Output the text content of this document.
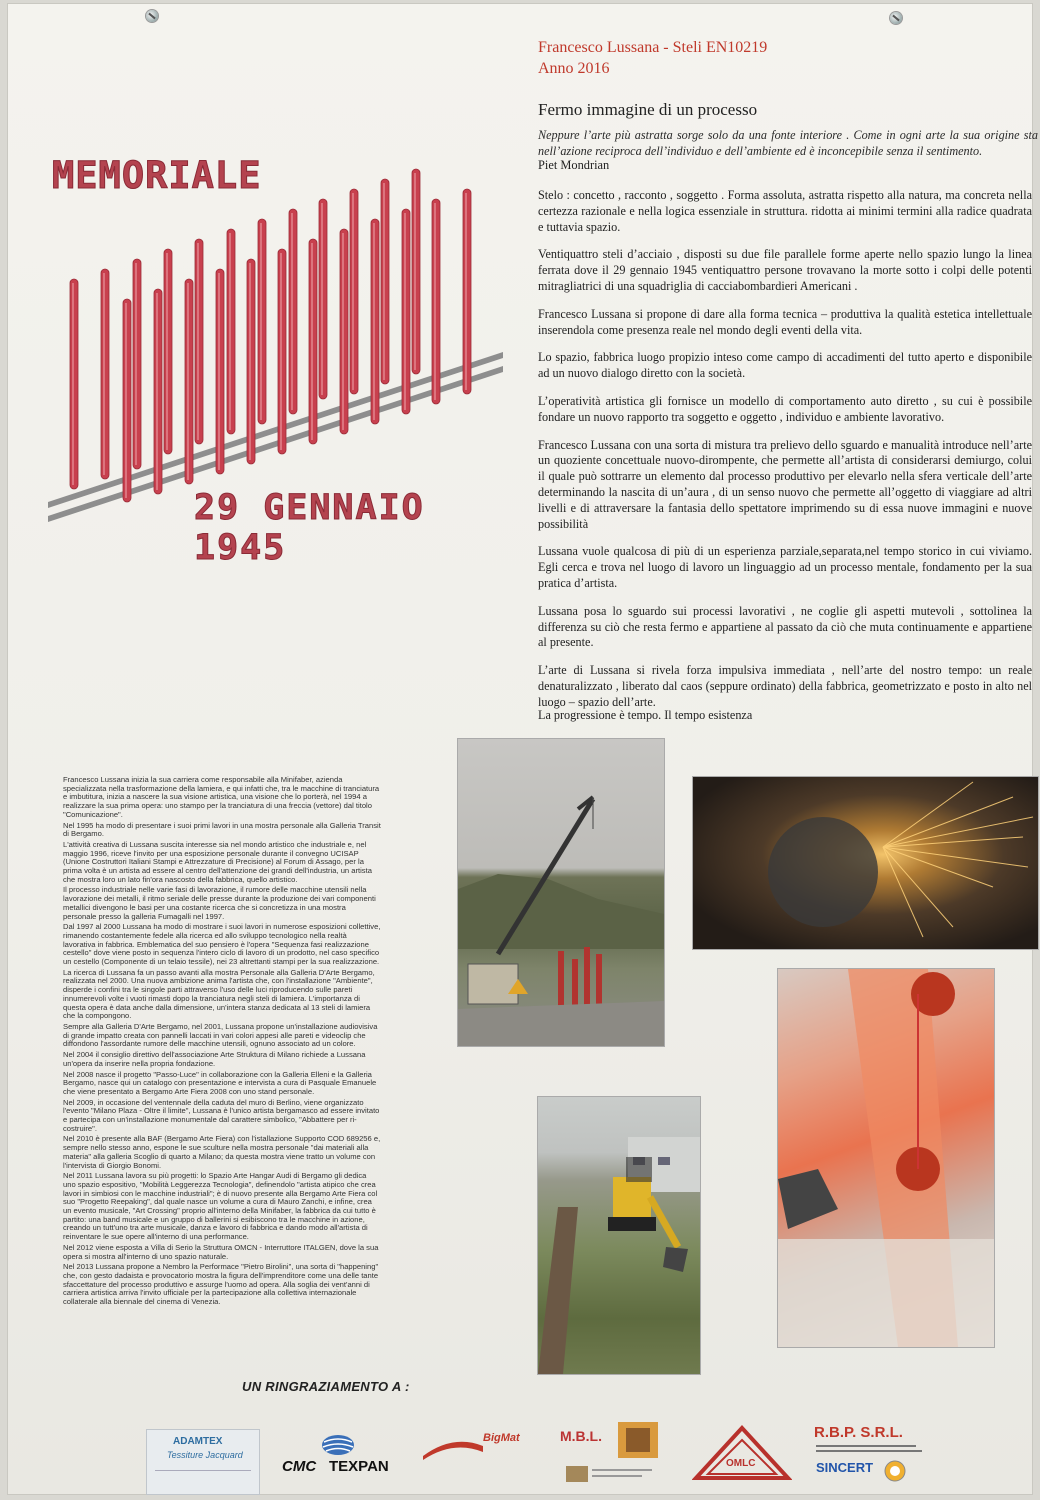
MEMORIALE

29 GENNAIO 1945

Francesco Lussana - Steli EN10219
Anno 2016
Fermo immagine di un processo
Neppure l’arte più astratta sorge solo da una fonte interiore . Come in ogni arte la sua origine sta nell’azione reciproca dell’individuo e dell’ambiente ed è inconcepibile senza il sentimento.
Piet Mondrian

Stelo : concetto , racconto , soggetto . Forma assoluta, astratta rispetto alla natura, ma concreta nella certezza razionale e nella logica essenziale in struttura. ridotta ai minimi termini alla radice quadrata e tuttavia spazio.

Ventiquattro steli d’acciaio , disposti su due file parallele forme aperte nello spazio lungo la linea ferrata dove il 29 gennaio 1945 ventiquattro persone trovavano la morte sotto i colpi delle potenti mitragliatrici di una squadriglia di cacciabombardieri Americani .

Francesco Lussana si propone di dare alla forma tecnica – produttiva la qualità estetica intellettuale inserendola come presenza reale nel mondo degli eventi della vita.

Lo spazio, fabbrica luogo propizio inteso come campo di accadimenti del tutto aperto e disponibile ad un nuovo dialogo diretto con la società.

L’operatività artistica gli fornisce un modello di comportamento auto diretto , su cui è possibile fondare un nuovo rapporto tra soggetto e oggetto , individuo e ambiente lavorativo.

Francesco Lussana con una sorta di mistura tra prelievo dello sguardo e manualità introduce nell’arte un quoziente concettuale nuovo-dirompente, che permette all’artista di considerarsi demiurgo, colui il quale può sottrarre un elemento dal processo produttivo per elevarlo nella sfera verticale dell’arte determinando la nascita di un’aura , di un senso nuovo che permette all’oggetto di viaggiare ad altri livelli e di attraversare la fantasia dello spettatore imprimendo su di essa nuove immagini e nuove possibilità

Lussana vuole qualcosa di più di un esperienza parziale,separata,nel tempo storico in cui viviamo. Egli cerca e trova nel luogo di lavoro un linguaggio ad un processo mentale, fondamento per la sua pratica d’artista.

Lussana posa lo sguardo sui processi lavorativi , ne coglie gli aspetti mutevoli , sottolinea la differenza su ciò che resta fermo e appartiene al passato da ciò che muta continuamente e appartiene al presente.

L’arte di Lussana si rivela forza impulsiva immediata , nell’arte del nostro tempo: un reale denaturalizzato , liberato dal caos (seppure ordinato) della fabbrica, geometrizzato e posto in alto nel luogo – spazio dell’arte.

La progressione è tempo. Il tempo esistenza

Francesco Lussana inizia la sua carriera come responsabile alla Minifaber, azienda specializzata nella trasformazione della lamiera, e qui infatti che, tra le macchine di tranciatura e imbutitura, inizia a nascere la sua visione artistica, una visione che lo porterà, nel 1994 a realizzare la sua prima opera: uno stampo per la tranciatura di una freccia (vettore) dal titolo "Comunicazione".

Nel 1995 ha modo di presentare i suoi primi lavori in una mostra personale alla Galleria Transit di Bergamo.

L'attività creativa di Lussana suscita interesse sia nel mondo artistico che industriale e, nel maggio 1996, riceve l'invito per una esposizione personale durante il convegno UCISAP (Unione Costruttori Italiani Stampi e Attrezzature di Precisione) al Forum di Assago, per la prima volta è un artista ad essere al centro dell'attenzione dei grandi dell'industria, un artista che mostra loro un lato fin'ora nascosto della fabbrica, quello artistico.

Il processo industriale nelle varie fasi di lavorazione, il rumore delle macchine utensili nella lavorazione dei metalli, il ritmo seriale delle presse durante la produzione dei vari componenti metallici divengono le basi per una costante ricerca che si concretizza in una mostra personale presso la galleria Fumagalli nel 1997.

Dal 1997 al 2000 Lussana ha modo di mostrare i suoi lavori in numerose esposizioni collettive, rimanendo costantemente fedele alla ricerca ed allo sviluppo tecnologico nella realtà lavorativa in fabbrica. Emblematica del suo pensiero è l'opera "Sequenza fasi realizzazione cestello" dove viene posto in sequenza l'intero ciclo di lavoro di un prodotto, nel caso specifico un cestello (Componente di un telaio tessile), nei 23 altrettanti stampi per la sua realizzazione.

La ricerca di Lussana fa un passo avanti alla mostra Personale alla Galleria D'Arte Bergamo, realizzata nel 2000. Una nuova ambizione anima l'artista che, con l'installazione "Ambiente", disperde i confini tra le singole parti attraverso l'uso delle luci riproducendo sulle pareti innumerevoli volte i vuoti rimasti dopo la tranciatura negli steli di lamiera. L'importanza di questa opera è data anche dalla dimensione, un'intera stanza dedicata al 13 steli di lamiera che la compongono.

Sempre alla Galleria D'Arte Bergamo, nel 2001, Lussana propone un'installazione audiovisiva di grande impatto creata con pannelli laccati in vari colori appesi alle pareti e videoclip che diffondono l'assordante rumore delle macchine utensili, ognuno associato ad un colore.

Nel 2004 il consiglio direttivo dell'associazione Arte Struktura di Milano richiede a Lussana un'opera da inserire nella propria fondazione.

Nel 2008 nasce il progetto "Passo-Luce" in collaborazione con la Galleria Elleni e la Galleria Bergamo, nasce qui un catalogo con presentazione e intervista a cura di Pasquale Emanuele che viene presentato a Bergamo Arte Fiera 2008 con uno stand personale.

Nel 2009, in occasione del ventennale della caduta del muro di Berlino, viene organizzato l'evento "Milano Plaza - Oltre il limite", Lussana è l'unico artista bergamasco ad essere invitato e partecipa con un'installazione monumentale dal carattere simbolico, "Abbattere per ri-costruire".

Nel 2010 è presente alla BAF (Bergamo Arte Fiera) con l'istallazione Supporto COD 689256 e, sempre nello stesso anno, espone le sue sculture nella mostra personale "dai materiali alla materia" alla galleria Scoglio di quarto a Milano; da questa mostra viene tratto un volume con l'intervista di Giorgio Bonomi.

Nel 2011 Lussana lavora su più progetti: lo Spazio Arte Hangar Audi di Bergamo gli dedica uno spazio espositivo, "Mobilità Leggerezza Tecnologia", definendolo "artista atipico che crea lavori in simbiosi con le macchine industriali"; è di nuovo presente alla Bergamo Arte Fiera col suo "Progetto Reepaking", dal quale nasce un volume a cura di Mauro Zanchi, e infine, crea un evento musicale, "Art Crossing" proprio all'interno della Minifaber, la fabbrica da cui tutto è partito: una band musicale e un gruppo di ballerini si esibiscono tra le macchine in azione, creando un tutt'uno tra arte musicale, danza e lavoro di fabbrica e dando modo all'artista di reinventare le sue opere all'interno di una performance.

Nel 2012 viene esposta a Villa di Serio la Struttura OMCN - Interruttore ITALGEN, dove la sua opera si mostra all'interno di uno spazio naturale.

Nel 2013 Lussana propone a Nembro la Performace "Pietro Birolini", una sorta di "happening" che, con gesto dadaista e provocatorio mostra la figura dell'imprenditore come una delle tante sfaccettature del processo produttivo e assurge l'uomo ad opera. Alla soglia dei vent'anni di carriera artistica arriva l'invito ufficiale per la partecipazione alla collettiva internazionale collaterale alla biennale del cinema di Venezia.

UN RINGRAZIAMENTO A :

ADAMTEX
Tessiture Jacquard
CMC TEXPAN
BigMat	M.B.L.
OMLC
R.B.P. S.R.L.
SINCERT
